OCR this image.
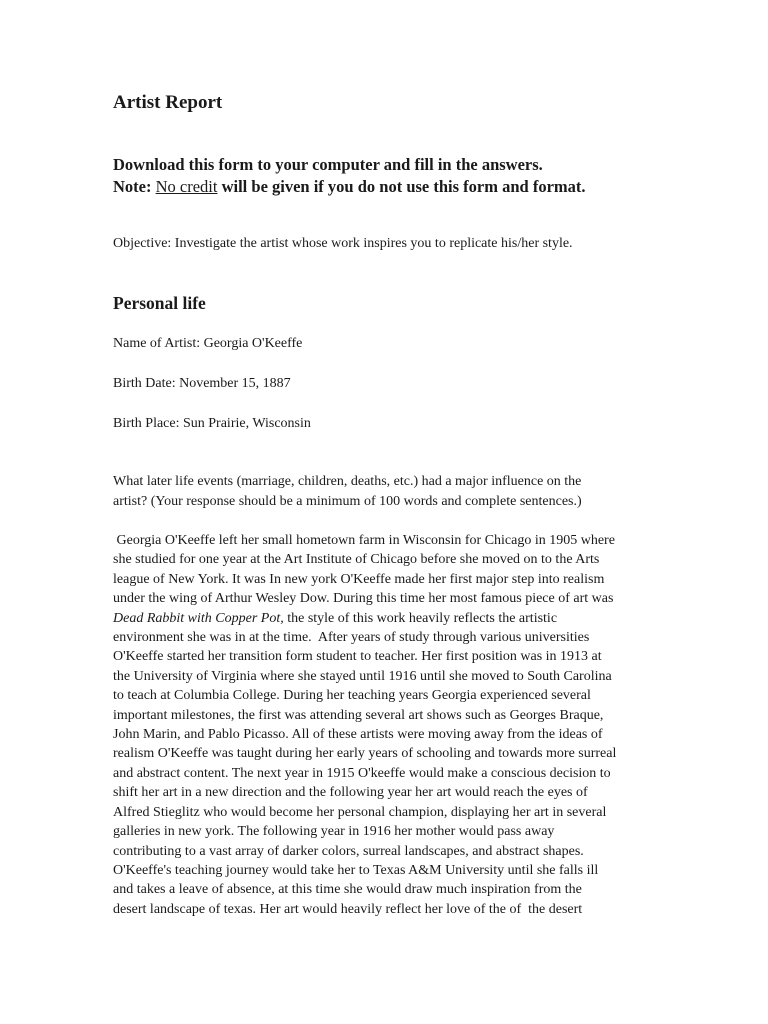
Artist Report
Download this form to your computer and fill in the answers.
Note: No credit will be given if you do not use this form and format.
Objective: Investigate the artist whose work inspires you to replicate his/her style.
Personal life
Name of Artist: Georgia O'Keeffe
Birth Date: November 15, 1887
Birth Place: Sun Prairie, Wisconsin
What later life events (marriage, children, deaths, etc.) had a major influence on the
artist? (Your response should be a minimum of 100 words and complete sentences.)
Georgia O'Keeffe left her small hometown farm in Wisconsin for Chicago in 1905 where
she studied for one year at the Art Institute of Chicago before she moved on to the Arts
league of New York. It was In new york O'Keeffe made her first major step into realism
under the wing of Arthur Wesley Dow. During this time her most famous piece of art was
Dead Rabbit with Copper Pot, the style of this work heavily reflects the artistic
environment she was in at the time.  After years of study through various universities
O'Keeffe started her transition form student to teacher. Her first position was in 1913 at
the University of Virginia where she stayed until 1916 until she moved to South Carolina
to teach at Columbia College. During her teaching years Georgia experienced several
important milestones, the first was attending several art shows such as Georges Braque,
John Marin, and Pablo Picasso. All of these artists were moving away from the ideas of
realism O'Keeffe was taught during her early years of schooling and towards more surreal
and abstract content. The next year in 1915 O'keeffe would make a conscious decision to
shift her art in a new direction and the following year her art would reach the eyes of
Alfred Stieglitz who would become her personal champion, displaying her art in several
galleries in new york. The following year in 1916 her mother would pass away
contributing to a vast array of darker colors, surreal landscapes, and abstract shapes.
O'Keeffe's teaching journey would take her to Texas A&M University until she falls ill
and takes a leave of absence, at this time she would draw much inspiration from the
desert landscape of texas. Her art would heavily reflect her love of the of  the desert
